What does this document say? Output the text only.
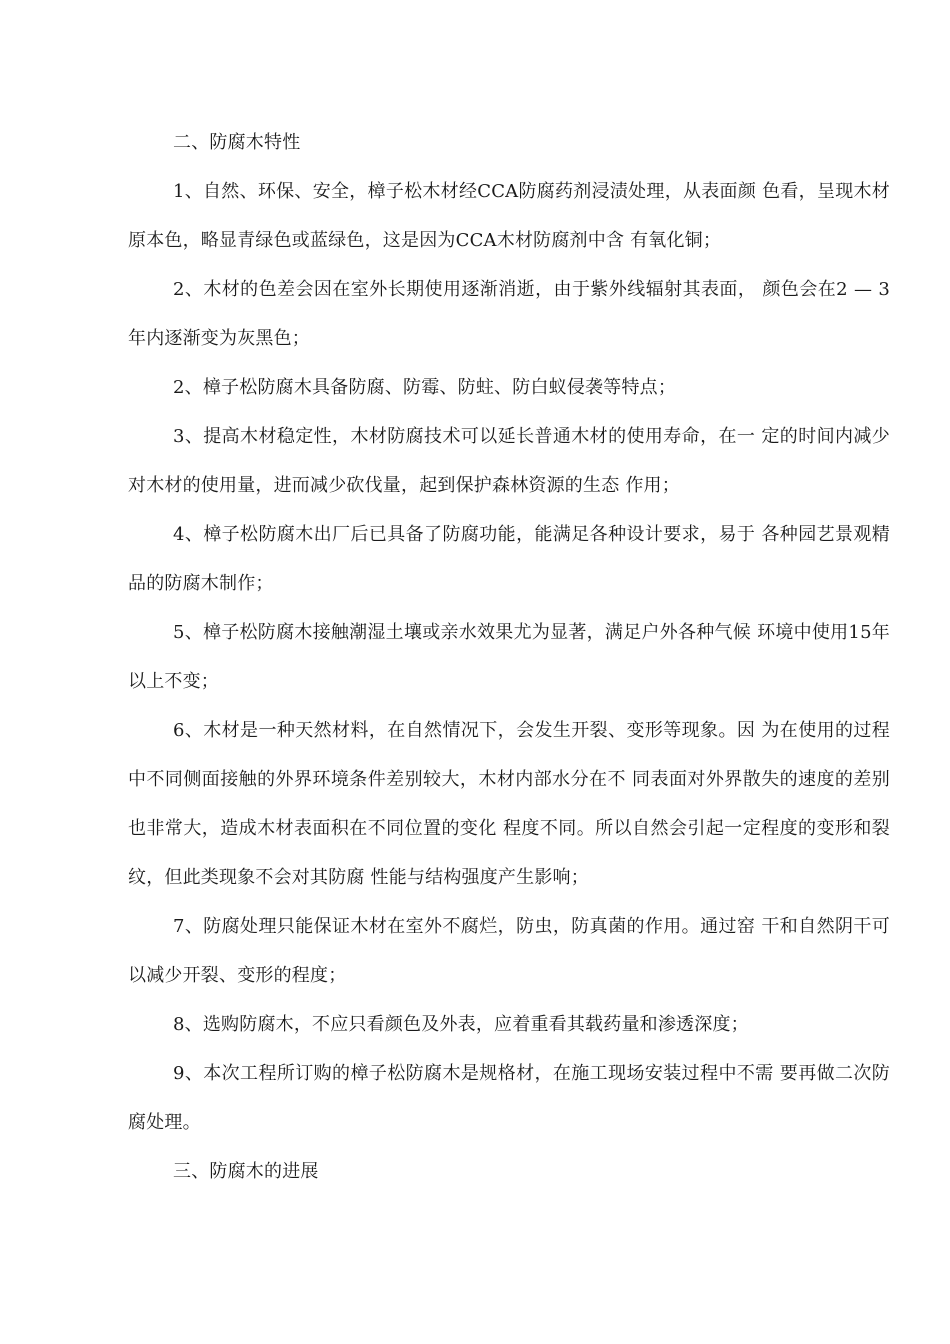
二、防腐木特性

1、自然、环保、安全，樟子松木材经CCA防腐药剂浸渍处理，从表面颜 色看，呈现木材原本色，略显青绿色或蓝绿色，这是因为CCA木材防腐剂中含 有氧化铜；

2、木材的色差会因在室外长期使用逐渐消逝，由于紫外线辐射其表面， 颜色会在2 — 3年内逐渐变为灰黑色；

2、樟子松防腐木具备防腐、防霉、防蛀、防白蚁侵袭等特点；

3、提高木材稳定性，木材防腐技术可以延长普通木材的使用寿命，在一 定的时间内减少对木材的使用量，进而减少砍伐量，起到保护森林资源的生态 作用；

4、樟子松防腐木出厂后已具备了防腐功能，能满足各种设计要求，易于 各种园艺景观精品的防腐木制作；

5、樟子松防腐木接触潮湿土壤或亲水效果尤为显著，满足户外各种气候 环境中使用15年以上不变；

6、木材是一种天然材料，在自然情况下，会发生开裂、变形等现象。因 为在使用的过程中不同侧面接触的外界环境条件差别较大，木材内部水分在不 同表面对外界散失的速度的差别也非常大，造成木材表面积在不同位置的变化 程度不同。所以自然会引起一定程度的变形和裂纹，但此类现象不会对其防腐 性能与结构强度产生影响；

7、防腐处理只能保证木材在室外不腐烂，防虫，防真菌的作用。通过窑 干和自然阴干可以减少开裂、变形的程度；

8、选购防腐木，不应只看颜色及外表，应着重看其载药量和渗透深度；

9、本次工程所订购的樟子松防腐木是规格材，在施工现场安装过程中不需 要再做二次防腐处理。

三、防腐木的进展
